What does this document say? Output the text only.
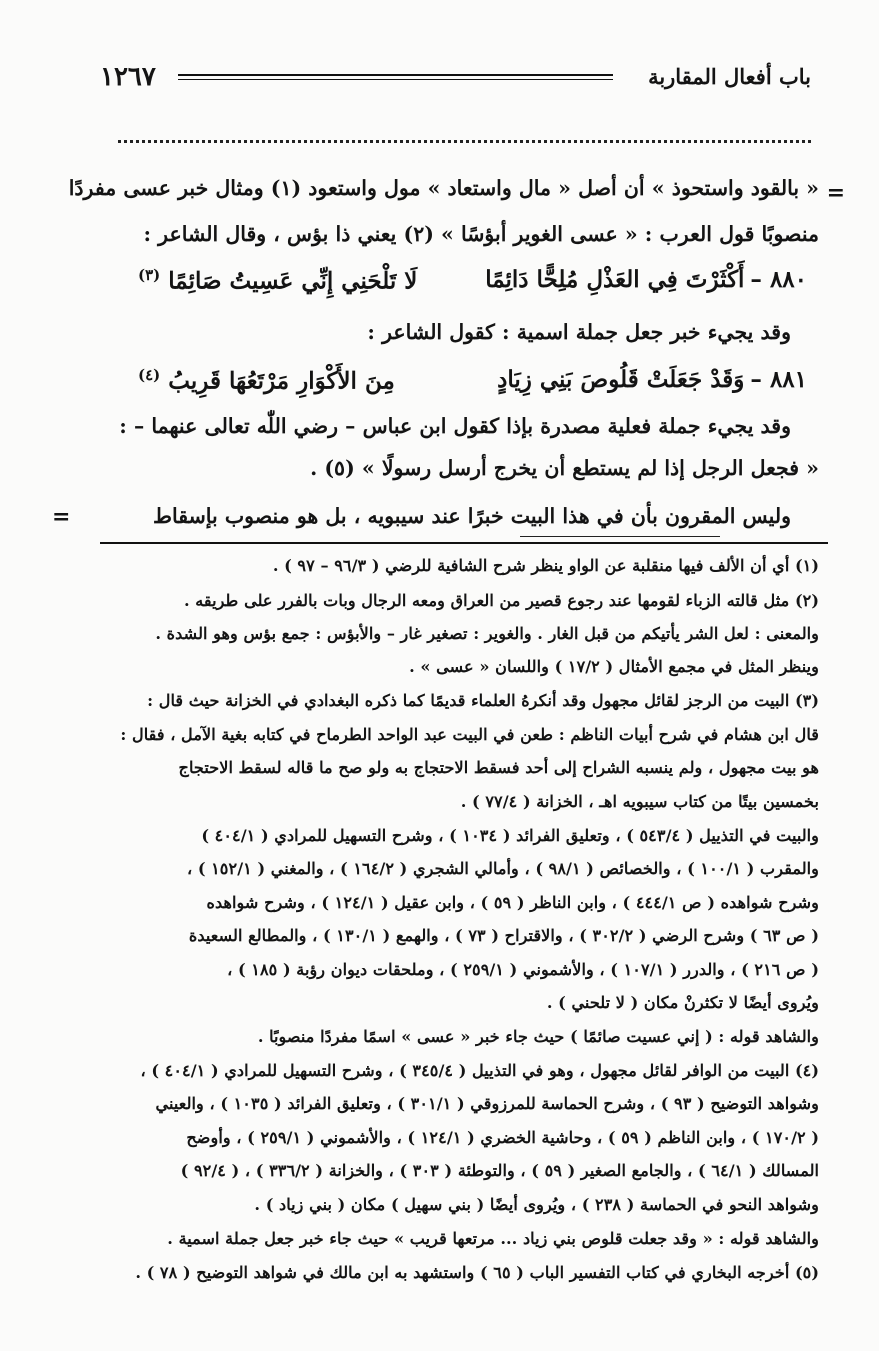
باب أفعال المقاربة
١٢٦٧
=
« بالقود واستحوذ » أن أصل « مال واستعاد » مول واستعود (١) ومثال خبر عسى مفردًا
منصوبًا قول العرب : « عسى الغوير أبؤسًا » (٢) يعني ذا بؤس ، وقال الشاعر :
٨٨٠ –أَكْثَرْتَ فِي العَذْلِ مُلِحًّا دَائِمًا
لَا تَلْحَنِي إِنِّي عَسِيتُ صَائِمًا $^{(٣)}$
وقد يجيء خبر جعل جملة اسمية : كقول الشاعر :
٨٨١ –وَقَدْ جَعَلَتْ قَلُوصَ بَنِي زِيَادٍ
مِنَ الأَكْوَارِ مَرْتَعُهَا قَرِيبُ $^{(٤)}$
وقد يجيء جملة فعلية مصدرة بإذا كقول ابن عباس – رضي اللّٰه تعالى عنهما – :
« فجعل الرجل إذا لم يستطع أن يخرج أرسل رسولًا » (٥) .
وليس المقرون بأن في هذا البيت خبرًا عند سيبويه ، بل هو منصوب بإسقاط
=
(١) أي أن الألف فيها منقلبة عن الواو ينظر شرح الشافية للرضي ( ٩٦/٣ – ٩٧ ) .
(٢) مثل قالته الزباء لقومها عند رجوع قصير من العراق ومعه الرجال وبات بالفرر على طريقه .
والمعنى : لعل الشر يأتيكم من قبل الغار . والغوير : تصغير غار – والأبؤس : جمع بؤس وهو الشدة .
وينظر المثل في مجمع الأمثال ( ١٧/٢ ) واللسان « عسى » .
(٣) البيت من الرجز لقائل مجهول وقد أنكرهُ العلماء قديمًا كما ذكره البغدادي في الخزانة حيث قال :
قال ابن هشام في شرح أبيات الناظم : طعن في البيت عبد الواحد الطرماح في كتابه بغية الآمل ، فقال :
هو بيت مجهول ، ولم ينسبه الشراح إلى أحد فسقط الاحتجاج به ولو صح ما قاله لسقط الاحتجاج
بخمسين بيتًا من كتاب سيبويه اهـ ، الخزانة ( ٧٧/٤ ) .
والبيت في التذييل ( ٥٤٣/٤ ) ، وتعليق الفرائد ( ١٠٣٤ ) ، وشرح التسهيل للمرادي ( ٤٠٤/١ )
والمقرب ( ١٠٠/١ ) ، والخصائص ( ٩٨/١ ) ، وأمالي الشجري ( ١٦٤/٢ ) ، والمغني ( ١٥٢/١ ) ،
وشرح شواهده ( ص ٤٤٤/١ ) ، وابن الناظر ( ٥٩ ) ، وابن عقيل ( ١٢٤/١ ) ، وشرح شواهده
( ص ٦٣ ) وشرح الرضي ( ٣٠٢/٢ ) ، والاقتراح ( ٧٣ ) ، والهمع ( ١٣٠/١ ) ، والمطالع السعيدة
( ص ٢١٦ ) ، والدرر ( ١٠٧/١ ) ، والأشموني ( ٢٥٩/١ ) ، وملحقات ديوان رؤبة ( ١٨٥ ) ،
ويُروى أيضًا لا تكثرنْ مكان ( لا تلحني ) .
والشاهد قوله : ( إني عسيت صائمًا ) حيث جاء خبر « عسى » اسمًا مفردًا منصوبًا .
(٤) البيت من الوافر لقائل مجهول ، وهو في التذييل ( ٣٤٥/٤ ) ، وشرح التسهيل للمرادي ( ٤٠٤/١ ) ،
وشواهد التوضيح ( ٩٣ ) ، وشرح الحماسة للمرزوقي ( ٣٠١/١ ) ، وتعليق الفرائد ( ١٠٣٥ ) ، والعيني
( ١٧٠/٢ ) ، وابن الناظم ( ٥٩ ) ، وحاشية الخضري ( ١٢٤/١ ) ، والأشموني ( ٢٥٩/١ ) ، وأوضح
المسالك ( ٦٤/١ ) ، والجامع الصغير ( ٥٩ ) ، والتوطئة ( ٣٠٣ ) ، والخزانة ( ٣٣٦/٢ ) ، ( ٩٢/٤ )
وشواهد النحو في الحماسة ( ٢٣٨ ) ، ويُروى أيضًا ( بني سهيل ) مكان ( بني زياد ) .
والشاهد قوله : « وقد جعلت قلوص بني زياد ... مرتعها قريب » حيث جاء خبر جعل جملة اسمية .
(٥) أخرجه البخاري في كتاب التفسير الباب ( ٦٥ ) واستشهد به ابن مالك في شواهد التوضيح ( ٧٨ ) .
